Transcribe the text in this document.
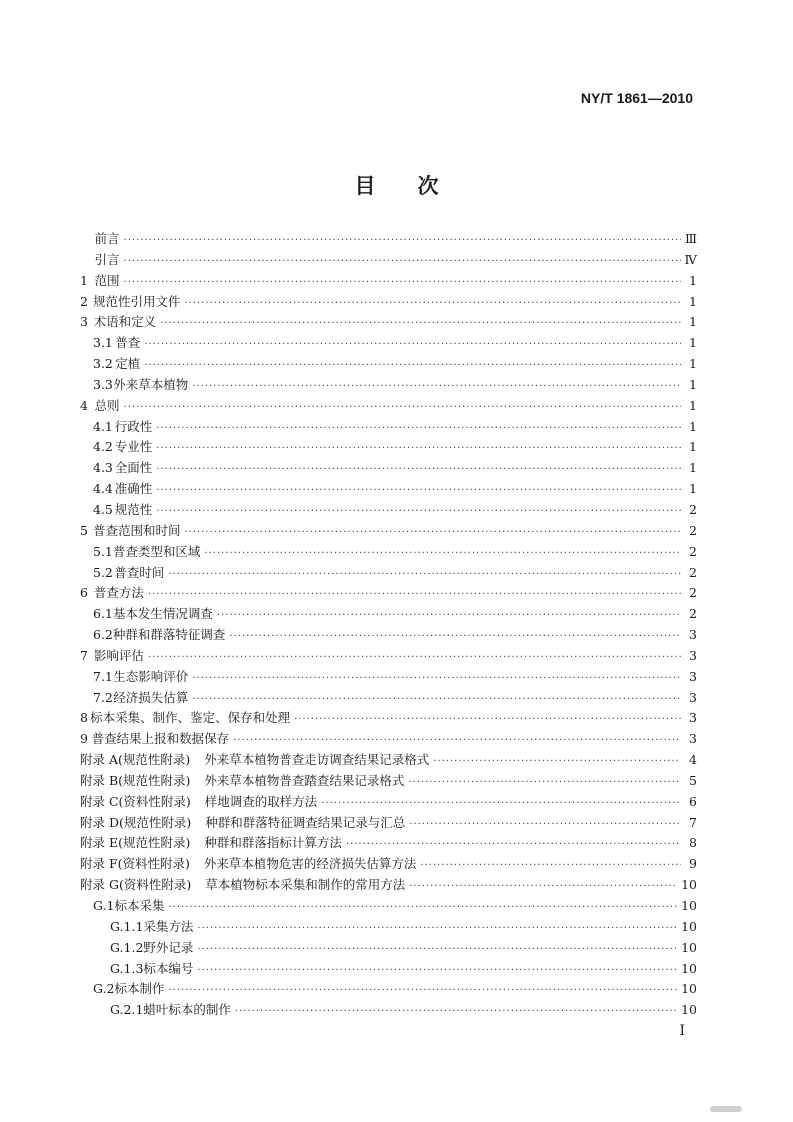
NY/T 1861—2010
目次
前言 ·····	Ⅲ
引言 ·····	Ⅳ
1 范围 ·····	1
2 规范性引用文件 ·····	1
3 术语和定义 ·····	1
3.1 普查 ·····	1
3.2 定植 ·····	1
3.3 外来草本植物 ·····	1
4 总则 ·····	1
4.1 行政性 ·····	1
4.2 专业性 ·····	1
4.3 全面性 ·····	1
4.4 准确性 ·····	1
4.5 规范性 ·····	2
5 普查范围和时间 ·····	2
5.1 普查类型和区域 ·····	2
5.2 普查时间 ·····	2
6 普查方法 ·····	2
6.1 基本发生情况调查 ·····	2
6.2 种群和群落特征调查 ·····	3
7 影响评估 ·····	3
7.1 生态影响评价 ·····	3
7.2 经济损失估算 ·····	3
8 标本采集、制作、鉴定、保存和处理 ·····	3
9 普查结果上报和数据保存 ·····	3
附录 A(规范性附录) 外来草本植物普查走访调查结果记录格式 ·····	4
附录 B(规范性附录) 外来草本植物普查踏查结果记录格式 ·····	5
附录 C(资料性附录) 样地调查的取样方法 ·····	6
附录 D(规范性附录) 种群和群落特征调查结果记录与汇总 ·····	7
附录 E(规范性附录) 种群和群落指标计算方法 ·····	8
附录 F(资料性附录) 外来草本植物危害的经济损失估算方法 ·····	9
附录 G(资料性附录) 草本植物标本采集和制作的常用方法 ·····	10
G.1 标本采集 ·····	10
G.1.1 采集方法 ·····	10
G.1.2 野外记录 ·····	10
G.1.3 标本编号 ·····	10
G.2 标本制作 ·····	10
G.2.1 蜡叶标本的制作 ·····	10
I
